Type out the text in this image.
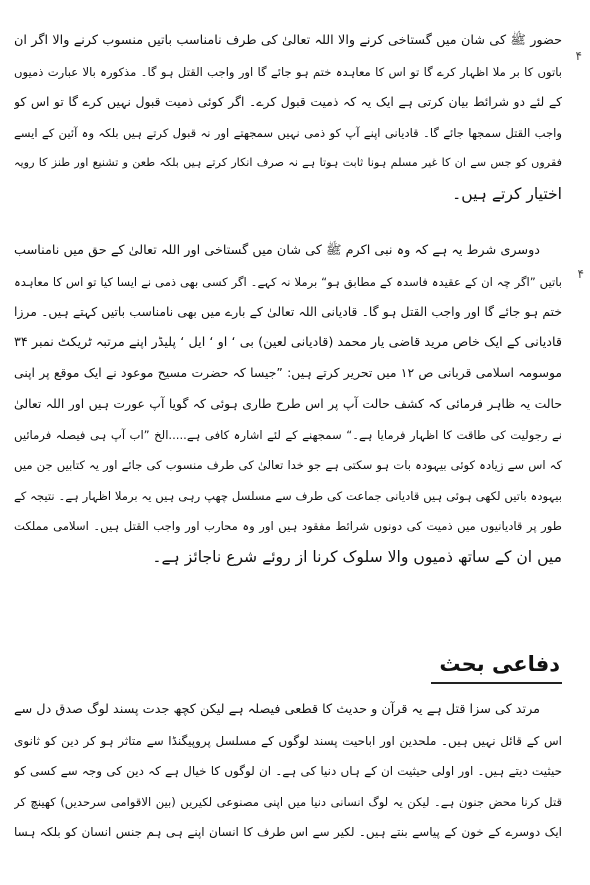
۴
۴
حضور ﷺ کی شان میں گستاخی کرنے والا اللہ تعالیٰ کی طرف نامناسب باتیں منسوب کرنے والا اگر ان
باتوں کا بر ملا اظہار کرے گا تو اس کا معاہدہ ختم ہو جائے گا اور واجب القتل ہو گا۔ مذکورہ بالا عبارت ذمیوں
کے لئے دو شرائط بیان کرتی ہے ایک یہ کہ ذمیت قبول کرے۔ اگر کوئی ذمیت قبول نہیں کرے گا تو اس کو
واجب القتل سمجھا جائے گا۔ قادیانی اپنے آپ کو ذمی نہیں سمجھتے اور نہ قبول کرتے ہیں بلکہ وہ آئین کے ایسے
فقروں کو جس سے ان کا غیر مسلم ہونا ثابت ہوتا ہے نہ صرف انکار کرتے ہیں بلکہ طعن و تشنیع اور طنز کا رویہ
اختیار کرتے ہیں۔
دوسری شرط یہ ہے کہ وہ نبی اکرم ﷺ کی شان میں گستاخی اور اللہ تعالیٰ کے حق میں نامناسب
باتیں ”اگر چہ ان کے عقیدہ فاسدہ کے مطابق ہو“ برملا نہ کہے۔ اگر کسی بھی ذمی نے ایسا کیا تو اس کا معاہدہ
ختم ہو جائے گا اور واجب القتل ہو گا۔ قادیانی اللہ تعالیٰ کے بارے میں بھی نامناسب باتیں کہتے ہیں۔ مرزا
قادیانی کے ایک خاص مرید قاضی یار محمد (قادیانی لعین) بی ‘ او ‘ ایل ‘ پلیڈر اپنے مرتبہ ٹریکٹ نمبر ۳۴
موسومہ اسلامی قربانی ص ۱۲ میں تحریر کرتے ہیں: ”جیسا کہ حضرت مسیح موعود نے ایک موقع پر اپنی
حالت یہ ظاہر فرمائی کہ کشف حالت آپ پر اس طرح طاری ہوئی کہ گویا آپ عورت ہیں اور اللہ تعالیٰ
نے رجولیت کی طاقت کا اظہار فرمایا ہے۔“ سمجھنے کے لئے اشارہ کافی ہے.....الخ ”اب آپ ہی فیصلہ فرمائیں
کہ اس سے زیادہ کوئی بیہودہ بات ہو سکتی ہے جو خدا تعالیٰ کی طرف منسوب کی جائے اور یہ کتابیں جن میں
بیہودہ باتیں لکھی ہوئی ہیں قادیانی جماعت کی طرف سے مسلسل چھپ رہی ہیں یہ برملا اظہار ہے۔ نتیجہ کے
طور پر قادیانیوں میں ذمیت کی دونوں شرائط مفقود ہیں اور وہ محارب اور واجب القتل ہیں۔ اسلامی مملکت
میں ان کے ساتھ ذمیوں والا سلوک کرنا از روئے شرع ناجائز ہے۔
دفاعی بحث
مرتد کی سزا قتل ہے یہ قرآن و حدیث کا قطعی فیصلہ ہے لیکن کچھ جدت پسند لوگ صدق دل سے
اس کے قائل نہیں ہیں۔ ملحدین اور اباحیت پسند لوگوں کے مسلسل پروپیگنڈا سے متاثر ہو کر دین کو ثانوی
حیثیت دیتے ہیں۔ اور اولی حیثیت ان کے ہاں دنیا کی ہے۔ ان لوگوں کا خیال ہے کہ دین کی وجہ سے کسی کو
قتل کرنا محض جنون ہے۔ لیکن یہ لوگ انسانی دنیا میں اپنی مصنوعی لکیریں (بین الاقوامی سرحدیں) کھینچ کر
ایک دوسرے کے خون کے پیاسے بنتے ہیں۔ لکیر سے اس طرف کا انسان اپنے ہی ہم جنس انسان کو بلکہ ہسا
